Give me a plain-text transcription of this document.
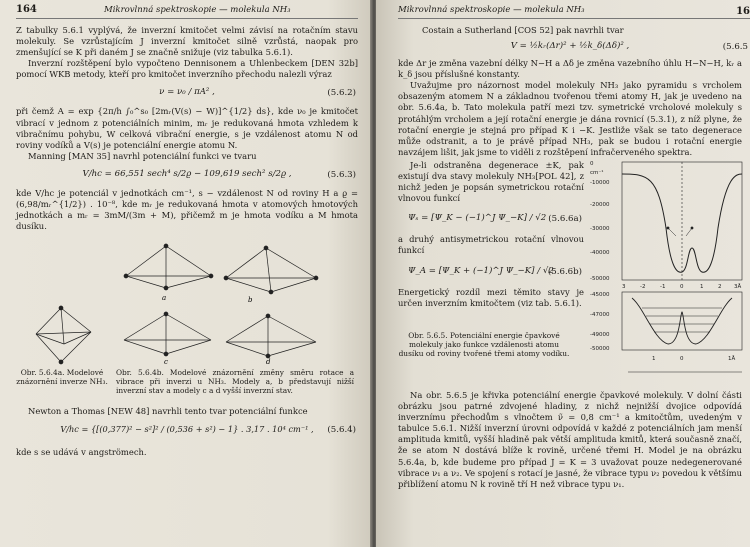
164	Mikrovlnná spektroskopie — molekula NH₃

Z tabulky 5.6.1 vyplývá, že inverzní kmitočet velmi závisí na rotačním stavu molekuly. Se vzrůstajícím J inverzní kmitočet silně vzrůstá, naopak pro zmenšující se K při daném J se značně snižuje (viz tabulka 5.6.1).

Inverzní rozštěpení bylo vypočteno Dennisonem a Uhlenbeckem [DEN 32b] pomocí WKB metody, kteří pro kmitočet inverzního přechodu nalezli výraz

ν = ν₀ / πA² ,	(5.6.2)

při čemž A = exp {2π/h ∫₀^s₀ [2mᵣ(V(s) − W)]^{1/2} ds}, kde ν₀ je kmitočet vibrací v jednom z potenciálních minim, mᵣ je redukovaná hmota vzhledem k vibračnímu pohybu, W celková vibrační energie, s je vzdálenost atomu N od roviny vodíků a V(s) je potenciální energie atomu N.

Manning [MAN 35] navrhl potenciální funkci ve tvaru

V/hc = 66,551 sech⁴ s/2ϱ − 109,619 sech² s/2ϱ ,	(5.6.3)

kde V/hc je potenciál v jednotkách cm⁻¹, s − vzdálenost N od roviny H a ϱ = (6,98/mᵣ^{1/2}) . 10⁻⁸, kde mᵣ je redukovaná hmota v atomových hmotových jednotkách a mᵣ = 3mM/(3m + M), přičemž m je hmota vodíku a M hmota dusíku.

a	b
c	d
Obr. 5.6.4a. Modelové znázornění inverze NH₃.
Obr. 5.6.4b. Modelové znázornění změny směru rotace a vibrace při inverzi u NH₃. Modely a, b představují nižší inverzní stav a modely c a d vyšší inverzní stav.

Newton a Thomas [NEW 48] navrhli tento tvar potenciální funkce

V/hc = {[(0,377)² − s²]² / (0,536 + s²) − 1} . 3,17 . 10⁴ cm⁻¹ ,	(5.6.4)

kde s se udává v angströmech.

Mikrovlnná spektroskopie — molekula NH₃	16

Costain a Sutherland [COS 52] pak navrhli tvar

V = ½kᵣ(Δr)² + ½k_δ(Δδ)² ,	(5.6.5

kde Δr je změna vazební délky N−H a Δδ je změna vazebního úhlu H−N−H, kᵣ a k_δ jsou příslušné konstanty.

Uvažujme pro názornost model molekuly NH₃ jako pyramidu s vrcholem obsazeným atomem N a základnou tvořenou třemi atomy H, jak je uvedeno na obr. 5.6.4a, b. Tato molekula patří mezi tzv. symetrické vrcholové molekuly s protáhlým vrcholem a její rotační energie je dána rovnicí (5.3.1), z níž plyne, že rotační energie je stejná pro případ K i −K. Jestliže však se tato degenerace může odstranit, a to je právě případ NH₃, pak se budou i rotační energie navzájem lišit, jak jsme to viděli z rozštěpení infračerveného spektra.

Je-li odstraněna degenerace ±K, pak existují dva stavy molekuly NH₃[POL 42], z nichž jeden je popsán symetrickou rotační vlnovou funkcí

Ψₛ = [Ψ_K − (−1)^J Ψ_−K] / √2 (5.6.6a)

a druhý antisymetrickou rotační vlnovou funkcí

Ψ_A = [Ψ_K + (−1)^J Ψ_−K] / √2
(5.6.6b)

Energetický rozdíl mezi těmito stavy je určen inverzním kmitočtem (viz tab. 5.6.1).

Obr. 5.6.5. Potenciální energie čpavkové molekuly jako funkce vzdálenosti atomu dusíku od roviny tvořené třemi atomy vodíku.
0
cm⁻¹
-10000
-20000
-30000
-40000
-50000
3	-2	-1	0	1	2 3Å
-45000
-47000
-49000
-50000
1	0	1Å

Na obr. 5.6.5 je křivka potenciální energie čpavkové molekuly. V dolní části obrázku jsou patrné zdvojené hladiny, z nichž nejnižší dvojice odpovídá inverznímu přechodům s vlnočtem ν̃ = 0,8 cm⁻¹ a kmitočtům, uvedeným v tabulce 5.6.1. Nižší inverzní úrovni odpovídá v každé z potenciálních jam menší amplituda kmitů, vyšší hladině pak větší amplituda kmitů, která současně značí, že se atom N dostává blíže k rovině, určené třemi H. Model je na obrázku 5.6.4a, b, kde budeme pro případ J = K = 3 uvažovat pouze nedegenerované vibrace ν₁ a ν₂. Ve spojení s rotací je jasné, že vibrace typu ν₂ povedou k většímu přiblížení atomu N k rovině tří H než vibrace typu ν₁.
